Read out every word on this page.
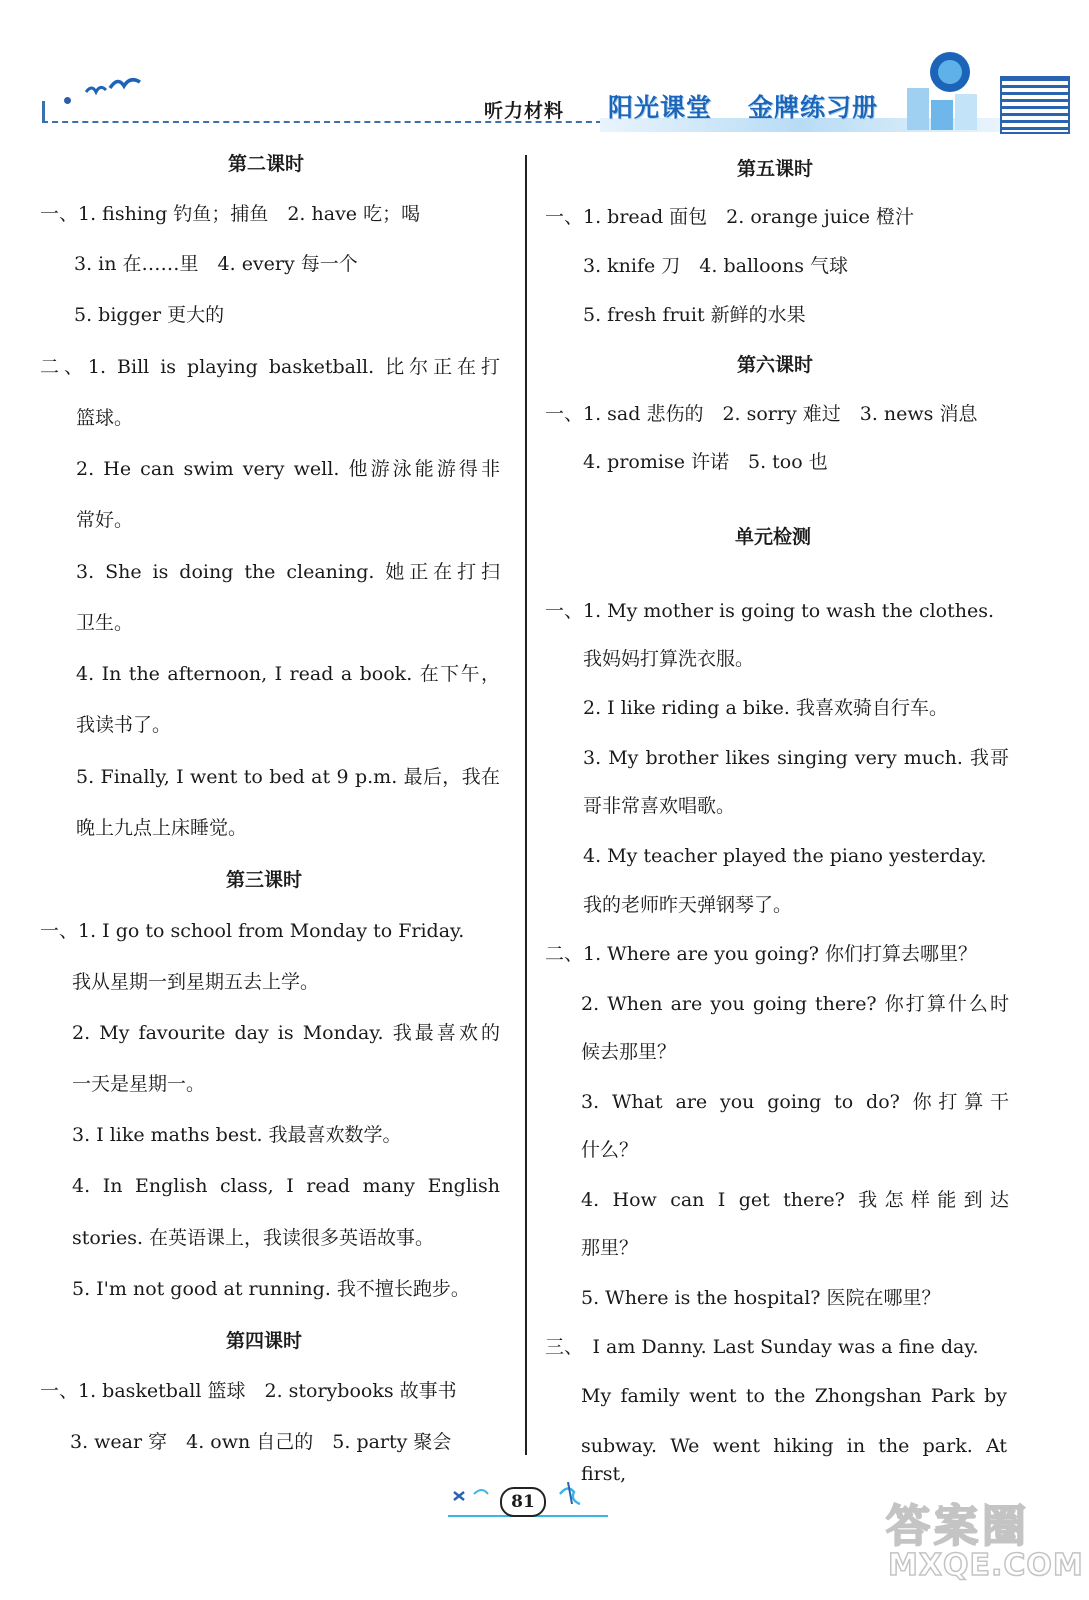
听力材料 阳光课堂 金牌练习册
第二课时
一、1. fishing 钓鱼；捕鱼　2. have 吃；喝
3. in 在……里　4. every 每一个
5. bigger 更大的
二、1. Bill is playing basketball. 比尔正在打
篮球。
2. He can swim very well. 他游泳能游得非
常好。
3. She is doing the cleaning. 她正在打扫
卫生。
4. In the afternoon, I read a book. 在下午，
我读书了。
5. Finally, I went to bed at 9 p.m. 最后，我在
晚上九点上床睡觉。
第三课时
一、1. I go to school from Monday to Friday.
我从星期一到星期五去上学。
2. My favourite day is Monday. 我最喜欢的
一天是星期一。
3. I like maths best. 我最喜欢数学。
4. In English class, I read many English
stories. 在英语课上，我读很多英语故事。
5. I'm not good at running. 我不擅长跑步。
第四课时
一、1. basketball 篮球　2. storybooks 故事书
3. wear 穿　4. own 自己的　5. party 聚会
第五课时
一、1. bread 面包　2. orange juice 橙汁
3. knife 刀　4. balloons 气球
5. fresh fruit 新鲜的水果
第六课时
一、1. sad 悲伤的　2. sorry 难过　3. news 消息
4. promise 许诺　5. too 也
单元检测
一、1. My mother is going to wash the clothes.
我妈妈打算洗衣服。
2. I like riding a bike. 我喜欢骑自行车。
3. My brother likes singing very much. 我哥
哥非常喜欢唱歌。
4. My teacher played the piano yesterday.
我的老师昨天弹钢琴了。
二、1. Where are you going? 你们打算去哪里？
2. When are you going there? 你打算什么时
候去那里？
3. What are you going to do? 你打算干
什么？
4. How can I get there? 我怎样能到达
那里？
5. Where is the hospital? 医院在哪里？
三、　I am Danny. Last Sunday was a fine day.
My family went to the Zhongshan Park by
subway. We went hiking in the park. At first,
81	答案圈
MXQE.COM
